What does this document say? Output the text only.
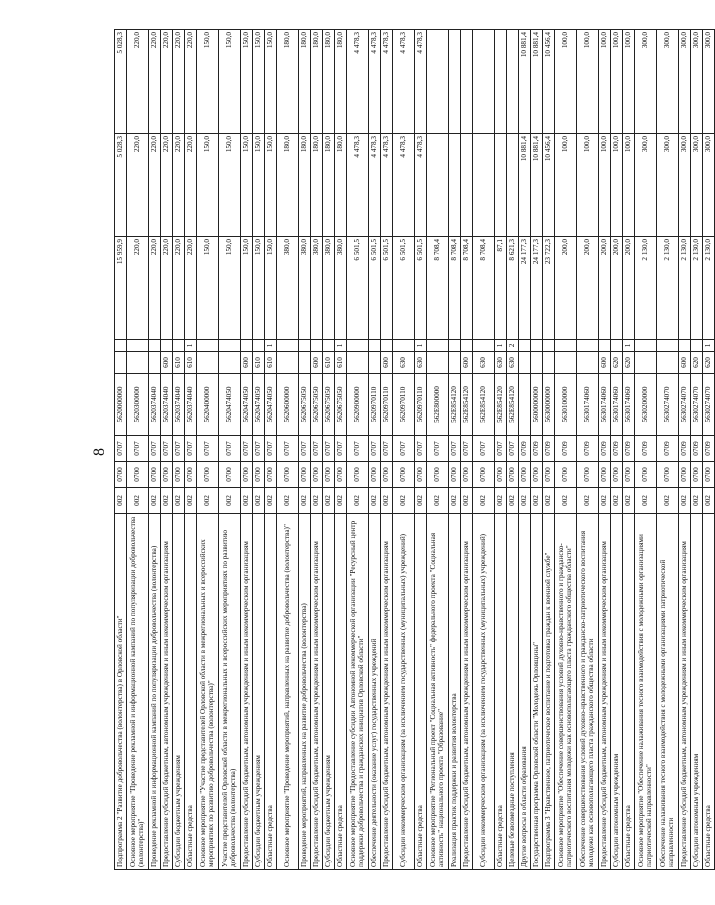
8
Подпрограмма 2 "Развитие добровольчества (волонтерства) в Орловской области"	002	0700	0707	5620000000			15 959,9	5 028,3	5 028,3
Основное мероприятие "Проведение рекламной и информационной кампаний по популяризации добровольчества (волонтерства)"	002	0700	0707	5620300000			220,0	220,0	220,0
Проведение рекламной и информационной кампаний по популяризации добровольчества (волонтерства)	002	0700	0707	5620374040			220,0	220,0	220,0
Предоставление субсидий бюджетным, автономным учреждениям и иным некоммерческим организациям	002	0700	0707	5620374040	600		220,0	220,0	220,0
Субсидии бюджетным учреждениям	002	0700	0707	5620374040	610		220,0	220,0	220,0
Областные средства	002	0700	0707	5620374040	610	1	220,0	220,0	220,0
Основное мероприятие "Участие представителей Орловской области в межрегиональных и всероссийских мероприятиях по развитию добровольчества (волонтерства)"	002	0700	0707	5620400000			150,0	150,0	150,0
Участие представителей Орловской области в межрегиональных и всероссийских мероприятиях по развитию добровольчества (волонтерства)	002	0700	0707	5620474050			150,0	150,0	150,0
Предоставление субсидий бюджетным, автономным учреждениям и иным некоммерческим организациям	002	0700	0707	5620474050	600		150,0	150,0	150,0
Субсидии бюджетным учреждениям	002	0700	0707	5620474050	610		150,0	150,0	150,0
Областные средства	002	0700	0707	5620474050	610	1	150,0	150,0	150,0
Основное мероприятие "Проведение мероприятий, направленных на развитие добровольчества (волонтерства)"	002	0700	0707	5620600000			380,0	180,0	180,0
Проведение мероприятий, направленных на развитие добровольчества (волонтерства)	002	0700	0707	5620675050			380,0	180,0	180,0
Предоставление субсидий бюджетным, автономным учреждениям и иным некоммерческим организациям	002	0700	0707	5620675050	600		380,0	180,0	180,0
Субсидии бюджетным учреждениям	002	0700	0707	5620675050	610		380,0	180,0	180,0
Областные средства	002	0700	0707	5620675050	610	1	380,0	180,0	180,0
Основное мероприятие "Предоставление субсидии Автономной некоммерческой организации "Ресурсный центр поддержки добровольчества и гражданских инициатив Орловской области"	002	0700	0707	5620900000			6 501,5	4 478,3	4 478,3
Обеспечение деятельности (оказание услуг) государственных учреждений	002	0700	0707	5620970110			6 501,5	4 478,3	4 478,3
Предоставление субсидий бюджетным, автономным учреждениям и иным некоммерческим организациям	002	0700	0707	5620970110	600		6 501,5	4 478,3	4 478,3
Субсидии некоммерческим организациям (за исключением государственных (муниципальных) учреждений)	002	0700	0707	5620970110	630		6 501,5	4 478,3	4 478,3
Областные средства	002	0700	0707	5620970110	630	1	6 501,5	4 478,3	4 478,3
Основное мероприятие "Региональный проект "Социальная активность" федерального проекта "Социальная активность" национального проекта "Образование"	002	0700	0707	562E800000			8 708,4		
Реализация практик поддержки и развития волонтерства	002	0700	0707	562E854120			8 708,4		
Предоставление субсидий бюджетным, автономным учреждениям и иным некоммерческим организациям	002	0700	0707	562E854120	600		8 708,4		
Субсидии некоммерческим организациям (за исключением государственных (муниципальных) учреждений)	002	0700	0707	562E854120	630		8 708,4		
Областные средства	002	0700	0707	562E854120	630	1	87,1		
Целевые безвозмездные поступления	002	0700	0707	562E854120	630	2	8 621,3		
Другие вопросы в области образования	002	0700	0709				24 177,3	10 881,4	10 881,4
Государственная программа Орловской области "Молодежь Орловщины"	002	0700	0709	5600000000			24 177,3	10 881,4	10 881,4
Подпрограмма 3 "Нравственное, патриотическое воспитание и подготовка граждан к военной службе"	002	0700	0709	5630000000			23 722,3	10 456,4	10 456,4
Основное мероприятие "Обеспечение совершенствования условий духовно-нравственного и гражданско-патриотического воспитания молодежи как основополагающего пласта гражданского общества области"	002	0700	0709	5630100000			200,0	100,0	100,0
Обеспечение совершенствования условий духовно-нравственного и гражданско-патриотического воспитания молодежи как основополагающего пласта гражданского общества области	002	0700	0709	5630174060			200,0	100,0	100,0
Предоставление субсидий бюджетным, автономным учреждениям и иным некоммерческим организациям	002	0700	0709	5630174060	600		200,0	100,0	100,0
Субсидии автономным учреждениям	002	0700	0709	5630174060	620		200,0	100,0	100,0
Областные средства	002	0700	0709	5630174060	620	1	200,0	100,0	100,0
Основное мероприятие "Обеспечение налаживания тесного взаимодействия с молодежными организациями патриотической направленности"	002	0700	0709	5630200000			2 130,0	300,0	300,0
Обеспечение налаживания тесного взаимодействия с молодежными организациями патриотической направленности	002	0700	0709	5630274070			2 130,0	300,0	300,0
Предоставление субсидий бюджетным, автономным учреждениям и иным некоммерческим организациям	002	0700	0709	5630274070	600		2 130,0	300,0	300,0
Субсидии автономным учреждениям	002	0700	0709	5630274070	620		2 130,0	300,0	300,0
Областные средства	002	0700	0709	5630274070	620	1	2 130,0	300,0	300,0
